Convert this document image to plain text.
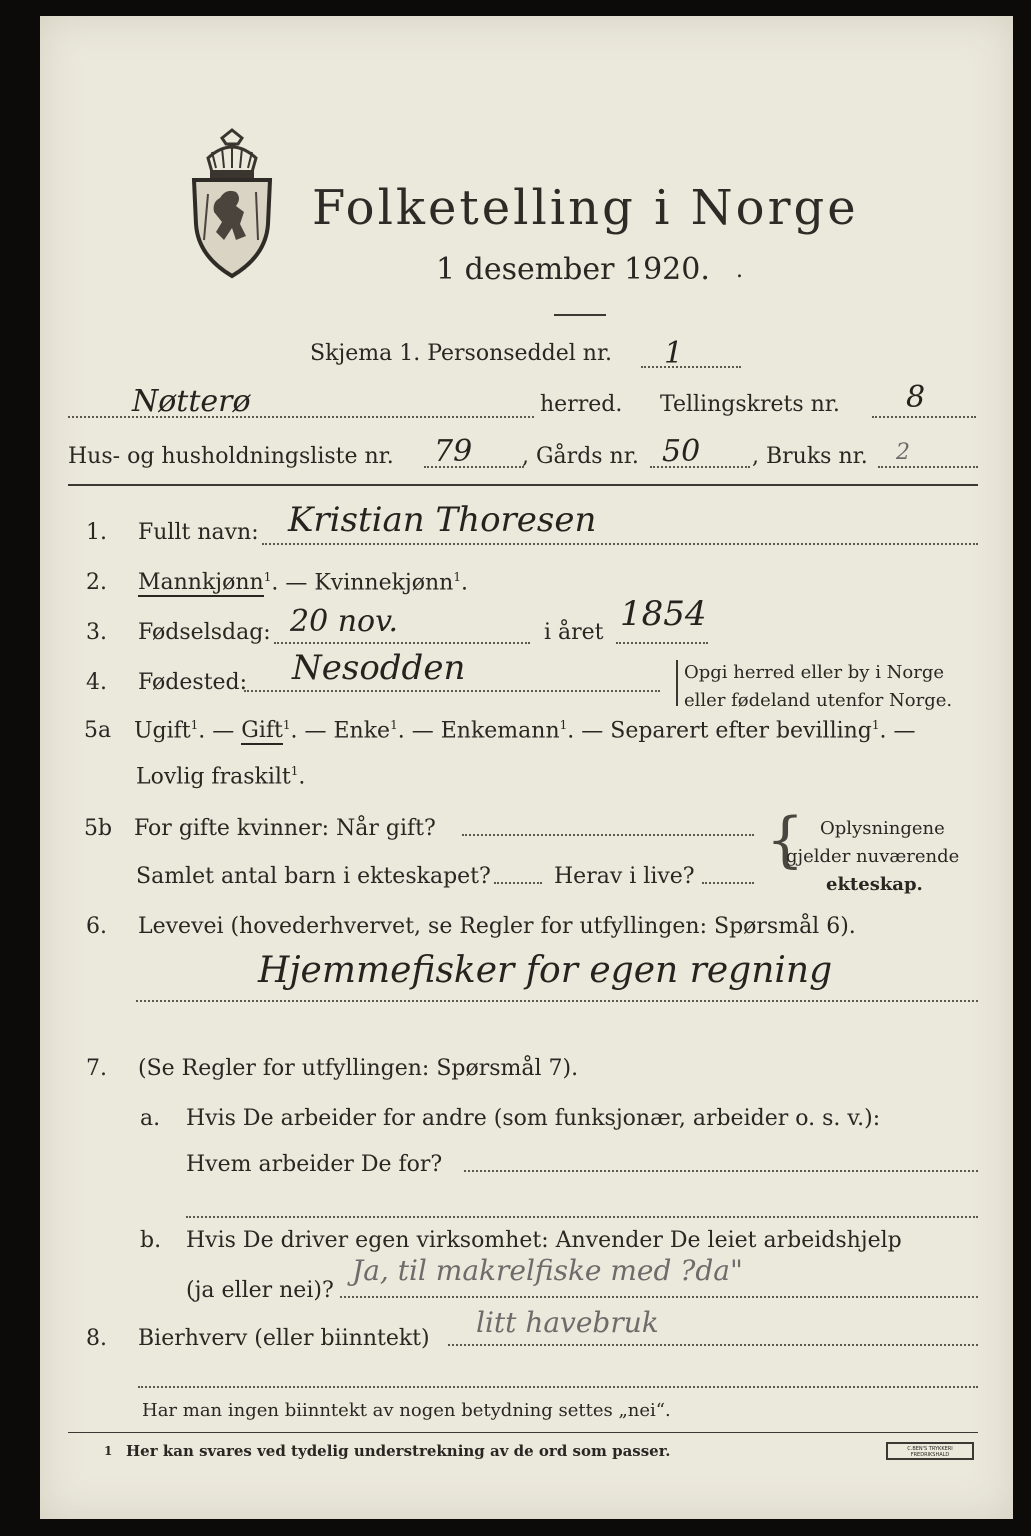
Folketelling i Norge
1 desember 1920. .
Skjema 1. Personseddel nr. 1
Nøtterø	herred. Tellingskrets nr. 8
Hus- og husholdningsliste nr. 79 , Gårds nr. 50 , Bruks nr. 2
1. Fullt navn: Kristian Thoresen
2. Mannkjønn$^1$. — Kvinnekjønn$^1$.
3. Fødselsdag: 20 nov.	i året 1854
4. Fødested: Nesodden	Opgi herred eller by i Norge
eller fødeland utenfor Norge.
5a Ugift$^1$. — Gift$^1$. — Enke$^1$. — Enkemann$^1$. — Separert efter bevilling$^1$. —
Lovlig fraskilt$^1$.
5b For gifte kvinner: Når gift?
Samlet antal barn i ekteskapet?	Herav i live?
{ Oplysningene
gjelder nuværende
ekteskap.
6. Levevei (hovederhvervet, se Regler for utfyllingen: Spørsmål 6).
Hjemmefisker for egen regning
7. (Se Regler for utfyllingen: Spørsmål 7).
a. Hvis De arbeider for andre (som funksjonær, arbeider o. s. v.):
Hvem arbeider De for?
b. Hvis De driver egen virksomhet: Anvender De leiet arbeidshjelp
(ja eller nei)?
Ja, til makrelfiske med ?da"
8. Bierhverv (eller biinntekt) litt havebruk
Har man ingen biinntekt av nogen betydning settes „nei“.
1 Her kan svares ved tydelig understrekning av de ord som passer.	C.BEN'S TRYKKERI FREDRIKSHALD
